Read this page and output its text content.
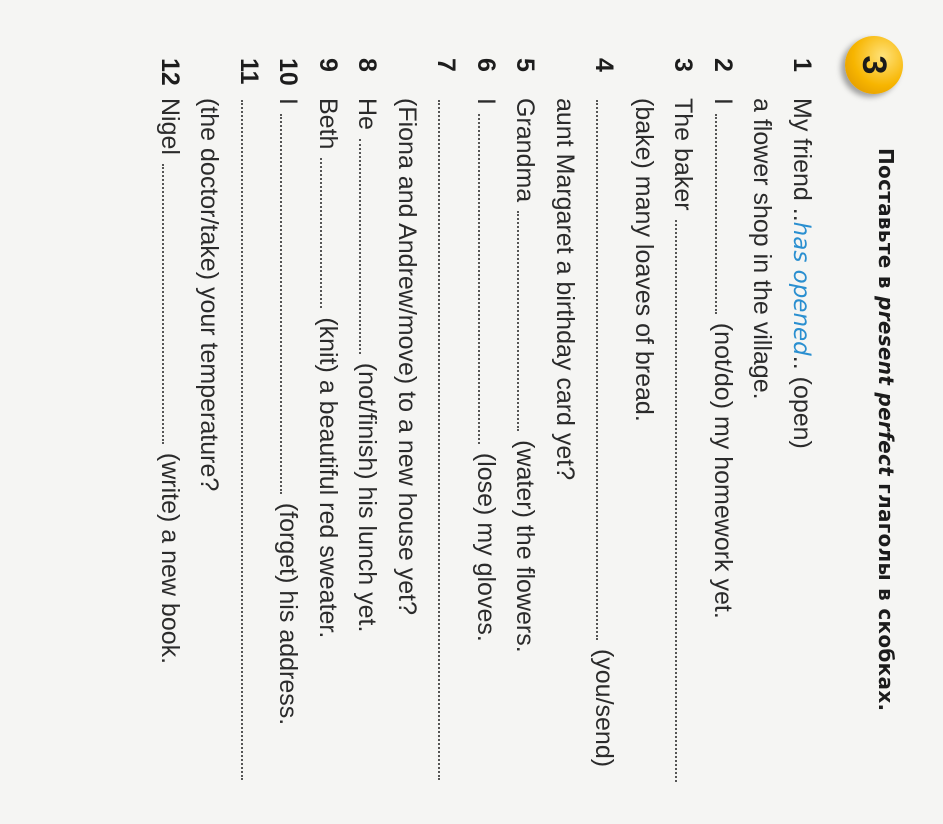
3
Поставьте в present perfect глаголы в скобках.
1
My friend ..has opened.. (open)
a flower shop in the village.
2
I  (not/do) my homework yet.
3
The baker
(bake) many loaves of bread.
4
(you/send)
aunt Margaret a birthday card yet?
5
Grandma  (water) the flowers.
6
I  (lose) my gloves.
7
(Fiona and Andrew/move) to a new house yet?
8
He  (not/finish) his lunch yet.
9
Beth  (knit) a beautiful red sweater.
10
I  (forget) his address.
11
(the doctor/take) your temperature?
12
Nigel  (write) a new book.
